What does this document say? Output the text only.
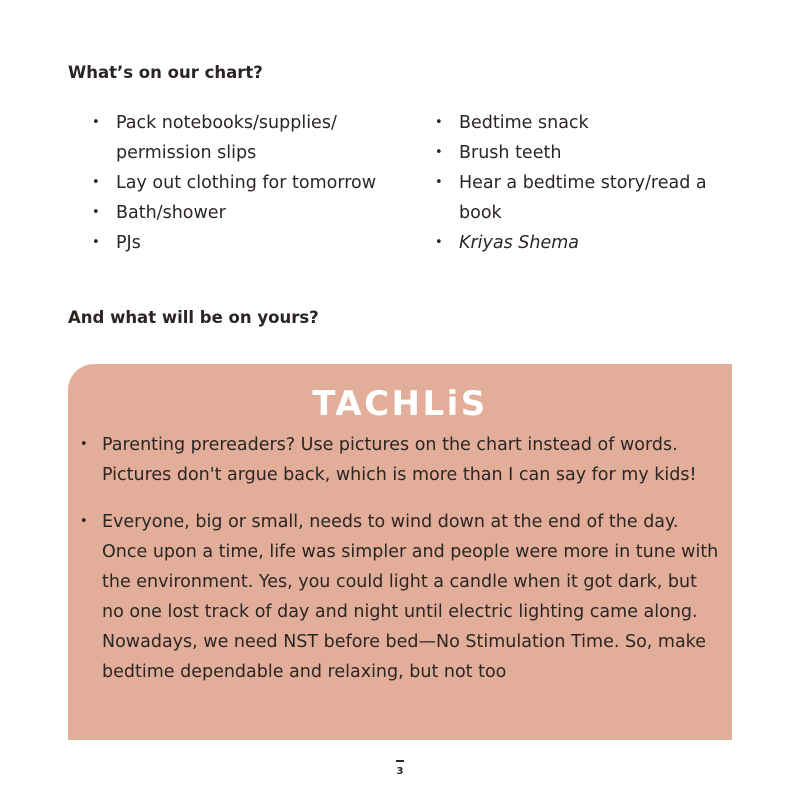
What’s on our chart?

• Pack notebooks/supplies/ permission slips
• Lay out clothing for tomorrow
• Bath/shower
• PJs
• Bedtime snack
• Brush teeth
• Hear a bedtime story/read a book
• Kriyas Shema

And what will be on yours?

TACHLiS
• Parenting prereaders? Use pictures on the chart instead of words. Pictures don't argue back, which is more than I can say for my kids!
• Everyone, big or small, needs to wind down at the end of the day. Once upon a time, life was simpler and people were more in tune with the environment. Yes, you could light a candle when it got dark, but no one lost track of day and night until electric lighting came along. Nowadays, we need NST before bed—No Stimulation Time. So, make bedtime dependable and relaxing, but not too
3
